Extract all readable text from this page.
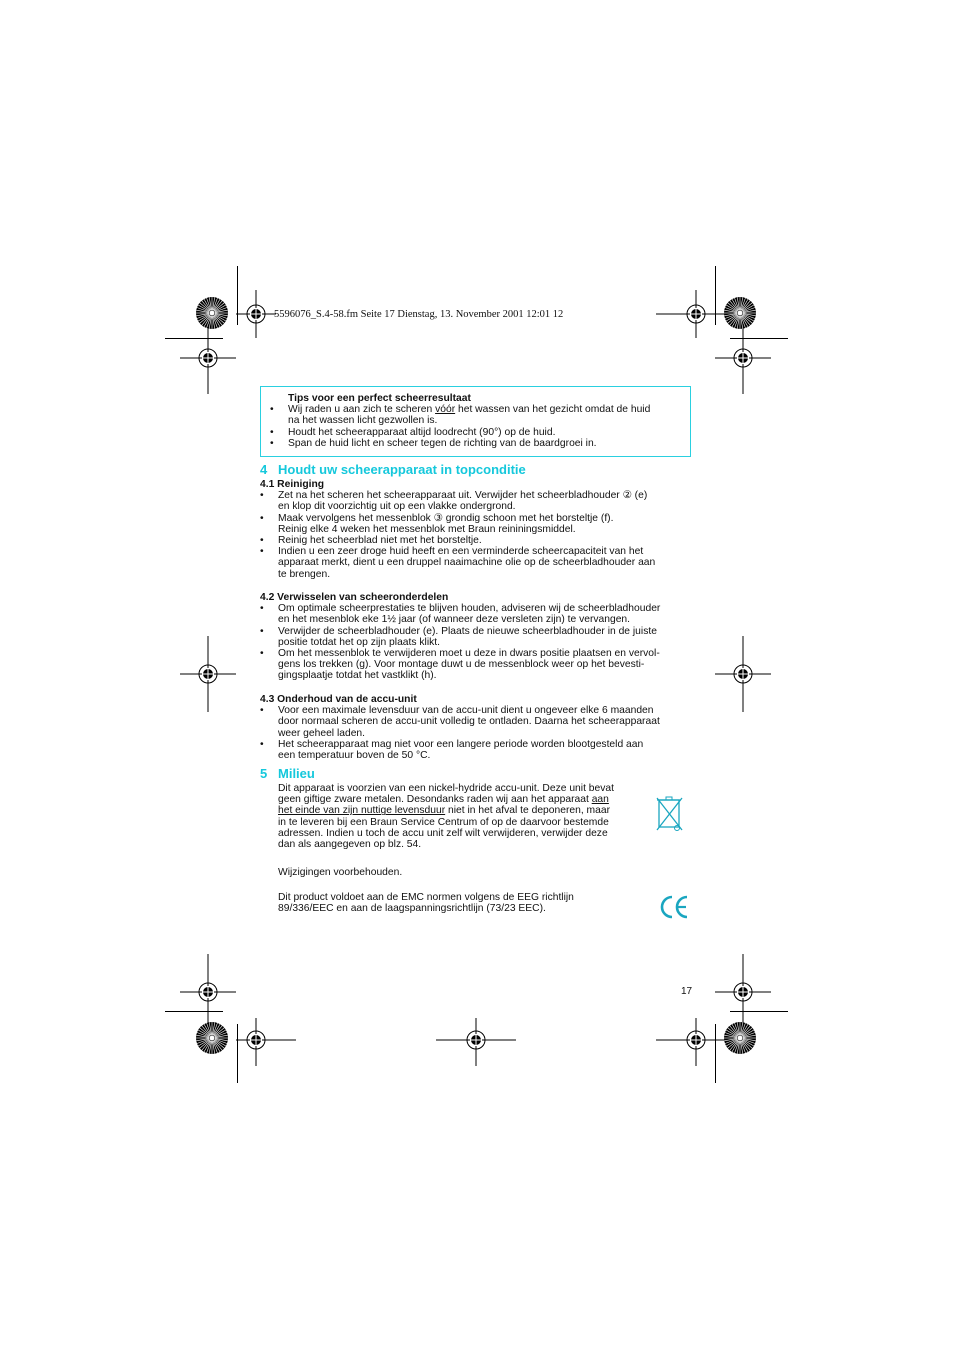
5596076_S.4-58.fm Seite 17 Dienstag, 13. November 2001 12:01 12
Tips voor een perfect scheerresultaat
• Wij raden u aan zich te scheren vóór het wassen van het gezicht omdat de huid
na het wassen licht gezwollen is.
• Houdt het scheerapparaat altijd loodrecht (90°) op de huid.
• Span de huid licht en scheer tegen de richting van de baardgroei in.
4 Houdt uw scheerapparaat in topconditie
4.1 Reiniging
• Zet na het scheren het scheerapparaat uit. Verwijder het scheerbladhouder ② (e)
en klop dit voorzichtig uit op een vlakke ondergrond.
• Maak vervolgens het messenblok ③ grondig schoon met het borsteltje (f).
Reinig elke 4 weken het messenblok met Braun reininingsmiddel.
• Reinig het scheerblad niet met het borsteltje.
• Indien u een zeer droge huid heeft en een verminderde scheercapaciteit van het
apparaat merkt, dient u een druppel naaimachine olie op de scheerbladhouder aan
te brengen.
4.2 Verwisselen van scheeronderdelen
• Om optimale scheerprestaties te blijven houden, adviseren wij de scheerbladhouder
en het mesenblok eke 1½ jaar (of wanneer deze versleten zijn) te vervangen.
• Verwijder de scheerbladhouder (e). Plaats de nieuwe scheerbladhouder in de juiste
positie totdat het op zijn plaats klikt.
• Om het messenblok te verwijderen moet u deze in dwars positie plaatsen en vervol-
gens los trekken (g). Voor montage duwt u de messenblock weer op het bevesti-
gingsplaatje totdat het vastklikt (h).
4.3 Onderhoud van de accu-unit
• Voor een maximale levensduur van de accu-unit dient u ongeveer elke 6 maanden
door normaal scheren de accu-unit volledig te ontladen. Daarna het scheerapparaat
weer geheel laden.
• Het scheerapparaat mag niet voor een langere periode worden blootgesteld aan
een temperatuur boven de 50 °C.
5 Milieu
Dit apparaat is voorzien van een nickel-hydride accu-unit. Deze unit bevat
geen giftige zware metalen. Desondanks raden wij aan het apparaat aan
het einde van zijn nuttige levensduur niet in het afval te deponeren, maar
in te leveren bij een Braun Service Centrum of op de daarvoor bestemde
adressen. Indien u toch de accu unit zelf wilt verwijderen, verwijder deze
dan als aangegeven op blz. 54.
Wijzigingen voorbehouden.
Dit product voldoet aan de EMC normen volgens de EEG richtlijn
89/336/EEC en aan de laagspanningsrichtlijn (73/23 EEC).
17
